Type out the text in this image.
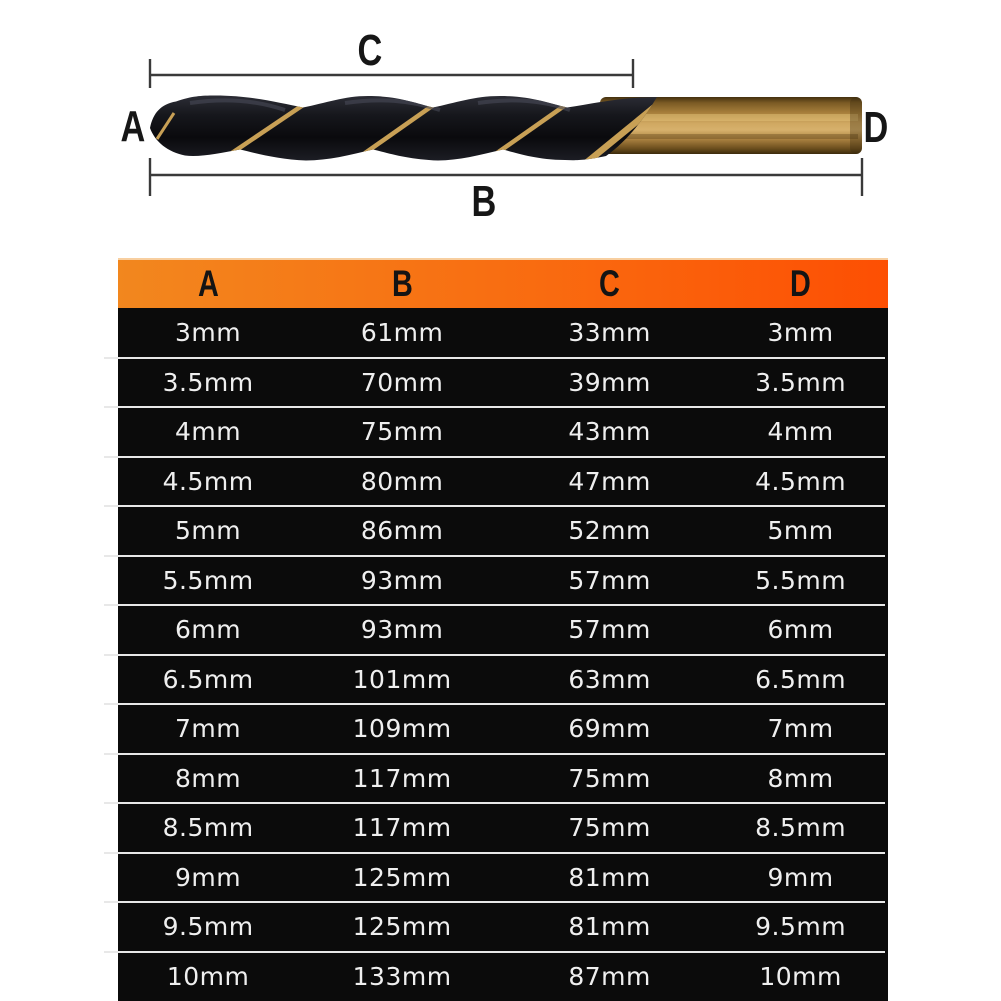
A
B
C
D
A	B	C	D
3mm	61mm	33mm	3mm
3.5mm	70mm	39mm	3.5mm
4mm	75mm	43mm	4mm
4.5mm	80mm	47mm	4.5mm
5mm	86mm	52mm	5mm
5.5mm	93mm	57mm	5.5mm
6mm	93mm	57mm	6mm
6.5mm	101mm	63mm	6.5mm
7mm	109mm	69mm	7mm
8mm	117mm	75mm	8mm
8.5mm	117mm	75mm	8.5mm
9mm	125mm	81mm	9mm
9.5mm	125mm	81mm	9.5mm
10mm	133mm	87mm	10mm
